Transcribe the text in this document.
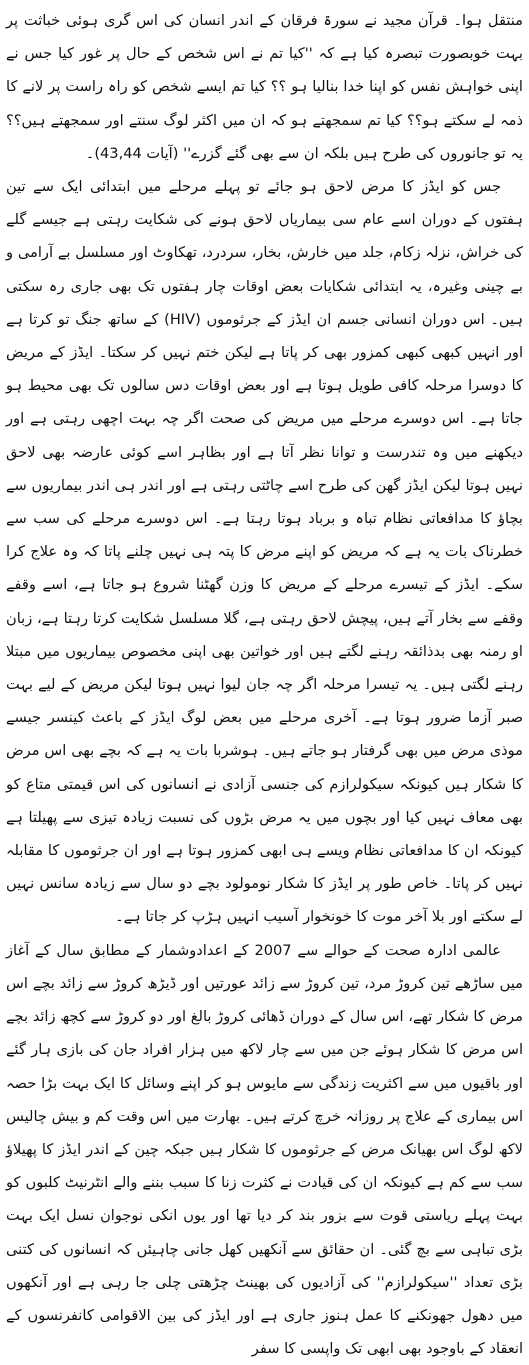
منتقل ہوا۔ قرآن مجید نے سورۃ فرقان کے اندر انسان کی اس گری ہوئی خباثت پر بہت خوبصورت تبصرہ کیا ہے کہ ''کیا تم نے اس شخص کے حال پر غور کیا جس نے اپنی خواہش نفس کو اپنا خدا بنالیا ہو ؟؟ کیا تم ایسے شخص کو راہ راست پر لانے کا ذمہ لے سکتے ہو؟؟ کیا تم سمجھتے ہو کہ ان میں اکثر لوگ سنتے اور سمجھتے ہیں؟؟ یہ تو جانوروں کی طرح ہیں بلکہ ان سے بھی گئے گزرے'' (آیات 43,44)۔

جس کو ایڈز کا مرض لاحق ہو جائے تو پہلے مرحلے میں ابتدائی ایک سے تین ہفتوں کے دوران اسے عام سی بیماریاں لاحق ہونے کی شکایت رہتی ہے جیسے گلے کی خراش، نزلہ زکام، جلد میں خارش، بخار، سردرد، تھکاوٹ اور مسلسل بے آرامی و بے چینی وغیرہ، یہ ابتدائی شکایات بعض اوقات چار ہفتوں تک بھی جاری رہ سکتی ہیں۔ اس دوران انسانی جسم ان ایڈز کے جرثوموں (HIV) کے ساتھ جنگ تو کرتا ہے اور انہیں کبھی کبھی کمزور بھی کر پاتا ہے لیکن ختم نہیں کر سکتا۔ ایڈز کے مریض کا دوسرا مرحلہ کافی طویل ہوتا ہے اور بعض اوقات دس سالوں تک بھی محیط ہو جاتا ہے۔ اس دوسرے مرحلے میں مریض کی صحت اگر چہ بہت اچھی رہتی ہے اور دیکھنے میں وہ تندرست و توانا نظر آتا ہے اور بظاہر اسے کوئی عارضہ بھی لاحق نہیں ہوتا لیکن ایڈز گھن کی طرح اسے چاٹتی رہتی ہے اور اندر ہی اندر بیماریوں سے بچاؤ کا مدافعاتی نظام تباہ و برباد ہوتا رہتا ہے۔ اس دوسرے مرحلے کی سب سے خطرناک بات یہ ہے کہ مریض کو اپنے مرض کا پتہ ہی نہیں چلنے پاتا کہ وہ علاج کرا سکے۔ ایڈز کے تیسرے مرحلے کے مریض کا وزن گھٹنا شروع ہو جاتا ہے، اسے وقفے وقفے سے بخار آتے ہیں، پیچش لاحق رہتی ہے، گلا مسلسل شکایت کرتا رہتا ہے، زبان او رمنہ بھی بدذائقہ رہنے لگتے ہیں اور خواتین بھی اپنی مخصوص بیماریوں میں مبتلا رہنے لگتی ہیں۔ یہ تیسرا مرحلہ اگر چہ جان لیوا نہیں ہوتا لیکن مریض کے لیے بہت صبر آزما ضرور ہوتا ہے۔ آخری مرحلے میں بعض لوگ ایڈز کے باعث کینسر جیسے موذی مرض میں بھی گرفتار ہو جاتے ہیں۔ ہوشربا بات یہ ہے کہ بچے بھی اس مرض کا شکار ہیں کیونکہ سیکولرازم کی جنسی آزادی نے انسانوں کی اس قیمتی متاع کو بھی معاف نہیں کیا اور بچوں میں یہ مرض بڑوں کی نسبت زیادہ تیزی سے پھیلتا ہے کیونکہ ان کا مدافعاتی نظام ویسے ہی ابھی کمزور ہوتا ہے اور ان جرثوموں کا مقابلہ نہیں کر پاتا۔ خاص طور پر ایڈز کا شکار نومولود بچے دو سال سے زیادہ سانس نہیں لے سکتے اور بلا آخر موت کا خونخوار آسیب انہیں ہڑپ کر جاتا ہے۔

عالمی ادارہ صحت کے حوالے سے 2007 کے اعدادوشمار کے مطابق سال کے آغاز میں ساڑھے تین کروڑ مرد، تین کروڑ سے زائد عورتیں اور ڈیڑھ کروڑ سے زائد بچے اس مرض کا شکار تھے، اس سال کے دوران ڈھائی کروڑ بالغ اور دو کروڑ سے کچھ زائد بچے اس مرض کا شکار ہوئے جن میں سے چار لاکھ میں ہزار افراد جان کی بازی ہار گئے اور باقیوں میں سے اکثریت زندگی سے مایوس ہو کر اپنے وسائل کا ایک بہت بڑا حصہ اس بیماری کے علاج پر روزانہ خرچ کرتے ہیں۔ بھارت میں اس وقت کم و بیش چالیس لاکھ لوگ اس بھیانک مرض کے جرثوموں کا شکار ہیں جبکہ چین کے اندر ایڈز کا پھیلاؤ سب سے کم ہے کیونکہ ان کی قیادت نے کثرت زنا کا سبب بننے والے انٹرنیٹ کلبوں کو بہت پہلے ریاستی قوت سے بزور بند کر دیا تھا اور یوں انکی نوجوان نسل ایک بہت بڑی تباہی سے بچ گئی۔ ان حقائق سے آنکھیں کھل جانی چاہیئں کہ انسانوں کی کتنی بڑی تعداد ''سیکولرازم'' کی آزادیوں کی بھینٹ چڑھتی چلی جا رہی ہے اور آنکھوں میں دھول جھونکنے کا عمل ہنوز جاری ہے اور ایڈز کی بین الاقوامی کانفرنسوں کے انعقاد کے باوجود بھی ابھی تک واپسی کا سفر
